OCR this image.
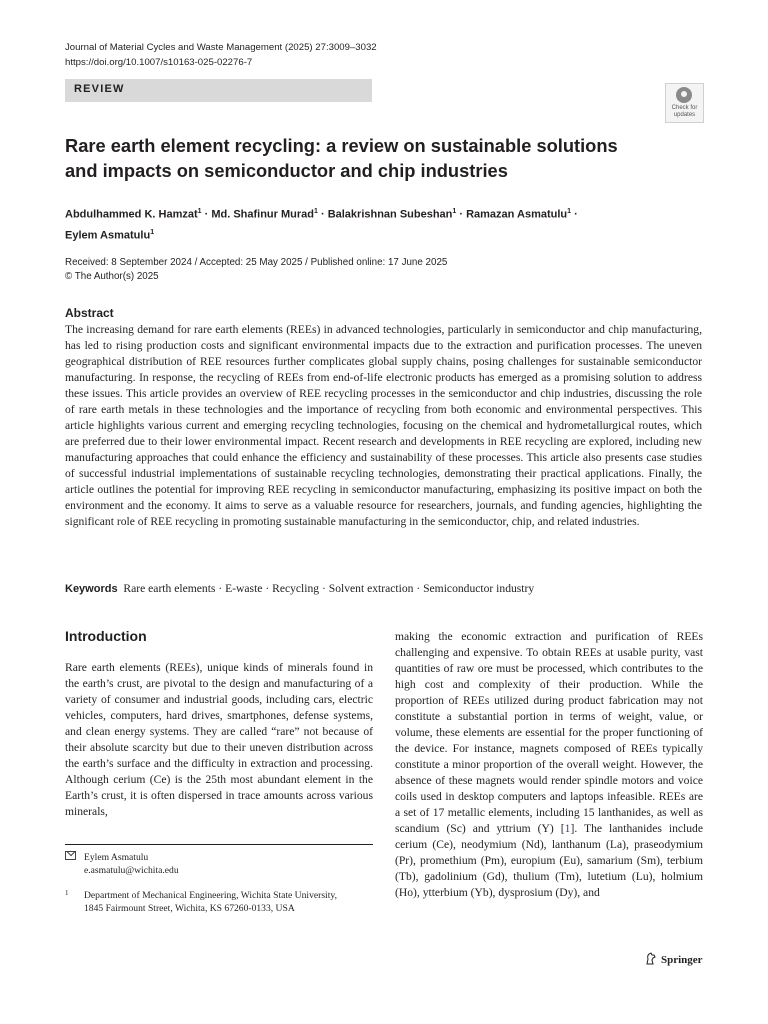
Journal of Material Cycles and Waste Management (2025) 27:3009–3032
https://doi.org/10.1007/s10163-025-02276-7
REVIEW
Check for
updates
Rare earth element recycling: a review on sustainable solutions and impacts on semiconductor and chip industries
Abdulhammed K. Hamzat$^1$ · Md. Shafinur Murad$^1$ · Balakrishnan Subeshan$^1$ · Ramazan Asmatulu$^1$ ·
Eylem Asmatulu$^1$
Received: 8 September 2024 / Accepted: 25 May 2025 / Published online: 17 June 2025
© The Author(s) 2025
Abstract

The increasing demand for rare earth elements (REEs) in advanced technologies, particularly in semiconductor and chip manufacturing, has led to rising production costs and significant environmental impacts due to the extraction and purification processes. The uneven geographical distribution of REE resources further complicates global supply chains, posing challenges for sustainable semiconductor manufacturing. In response, the recycling of REEs from end-of-life electronic products has emerged as a promising solution to address these issues. This article provides an overview of REE recycling processes in the semiconductor and chip industries, discussing the role of rare earth metals in these technologies and the importance of recycling from both economic and environmental perspectives. This article highlights various current and emerging recycling technologies, focusing on the chemical and hydrometallurgical routes, which are preferred due to their lower environmental impact. Recent research and developments in REE recycling are explored, including new manufacturing approaches that could enhance the efficiency and sustainability of these processes. This article also presents case studies of successful industrial implementations of sustainable recycling technologies, demonstrating their practical applications. Finally, the article outlines the potential for improving REE recycling in semiconductor manufacturing, emphasizing its positive impact on both the environment and the economy. It aims to serve as a valuable resource for researchers, journals, and funding agencies, highlighting the significant role of REE recycling in promoting sustainable manufacturing in the semiconductor, chip, and related industries.

Keywords Rare earth elements · E-waste · Recycling · Solvent extraction · Semiconductor industry
Introduction

Rare earth elements (REEs), unique kinds of minerals found in the earth’s crust, are pivotal to the design and manufacturing of a variety of consumer and industrial goods, including cars, electric vehicles, computers, hard drives, smartphones, defense systems, and clean energy systems. They are called “rare” not because of their absolute scarcity but due to their uneven distribution across the earth’s surface and the difficulty in extraction and processing. Although cerium (Ce) is the 25th most abundant element in the Earth’s crust, it is often dispersed in trace amounts across various minerals,

making the economic extraction and purification of REEs challenging and expensive. To obtain REEs at usable purity, vast quantities of raw ore must be processed, which contributes to the high cost and complexity of their production. While the proportion of REEs utilized during product fabrication may not constitute a substantial portion in terms of weight, value, or volume, these elements are essential for the proper functioning of the device. For instance, magnets composed of REEs typically constitute a minor proportion of the overall weight. However, the absence of these magnets would render spindle motors and voice coils used in desktop computers and laptops infeasible. REEs are a set of 17 metallic elements, including 15 lanthanides, as well as scandium (Sc) and yttrium (Y) [1]. The lanthanides include cerium (Ce), neodymium (Nd), lanthanum (La), praseodymium (Pr), promethium (Pm), europium (Eu), samarium (Sm), terbium (Tb), gadolinium (Gd), thulium (Tm), lutetium (Lu), holmium (Ho), ytterbium (Yb), dysprosium (Dy), and

Eylem Asmatulu
e.asmatulu@wichita.edu
1 Department of Mechanical Engineering, Wichita State University, 1845 Fairmount Street, Wichita, KS 67260-0133, USA
Springer
